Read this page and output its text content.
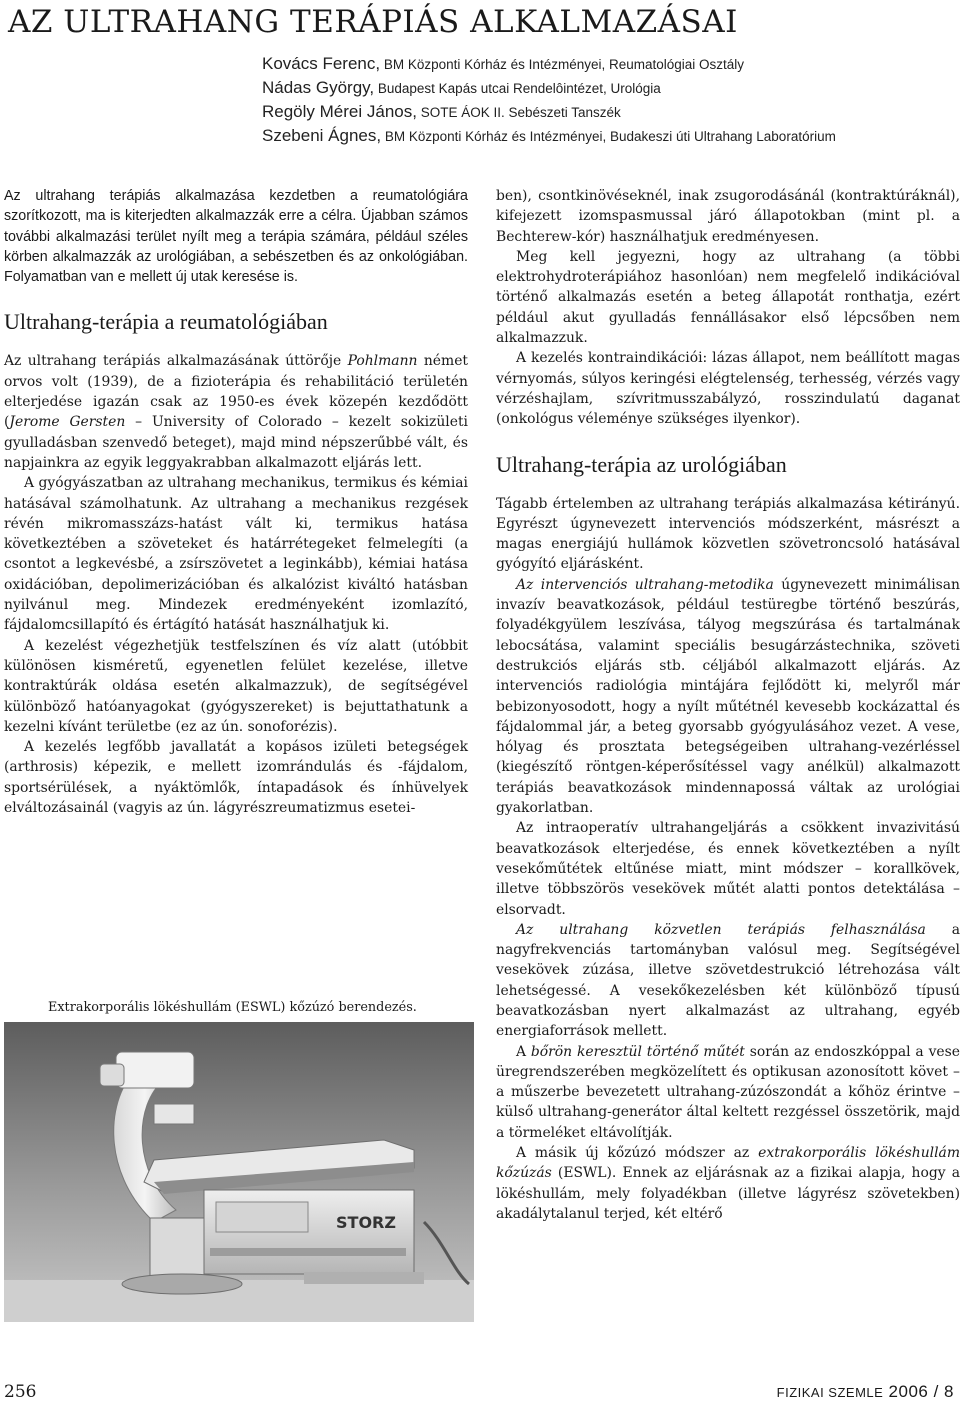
AZ ULTRAHANG TERÁPIÁS ALKALMAZÁSAI
Kovács Ferenc, BM Központi Kórház és Intézményei, Reumatológiai Osztály
Nádas György, Budapest Kapás utcai Rendelôintézet, Urológia
Regöly Mérei János, SOTE ÁOK II. Sebészeti Tanszék
Szebeni Ágnes, BM Központi Kórház és Intézményei, Budakeszi úti Ultrahang Laboratórium

Az ultrahang terápiás alkalmazása kezdetben a reumatológiára szorítkozott, ma is kiterjedten alkalmazzák erre a célra. Újabban számos további alkalmazási terület nyílt meg a terápia számára, például széles körben alkalmazzák az urológiában, a sebészetben és az onkológiában. Folyamatban van e mellett új utak keresése is.

Ultrahang-terápia a reumatológiában

Az ultrahang terápiás alkalmazásának úttörője Pohlmann német orvos volt (1939), de a fizioterápia és rehabilitáció területén elterjedése igazán csak az 1950-es évek közepén kezdődött (Jerome Gersten – University of Colorado – kezelt sokizületi gyulladásban szenvedő beteget), majd mind népszerűbbé vált, és napjainkra az egyik leggyakrabban alkalmazott eljárás lett.

A gyógyászatban az ultrahang mechanikus, termikus és kémiai hatásával számolhatunk. Az ultrahang a mechanikus rezgések révén mikromasszázs-hatást vált ki, termikus hatása következtében a szöveteket és határrétegeket felmelegíti (a csontot a legkevésbé, a zsírszövetet a leginkább), kémiai hatása oxidációban, depolimerizációban és alkalózist kiváltó hatásban nyilvánul meg. Mindezek eredményeként izomlazító, fájdalomcsillapító és értágító hatását használhatjuk ki.

A kezelést végezhetjük testfelszínen és víz alatt (utóbbit különösen kisméretű, egyenetlen felület kezelése, illetve kontraktúrák oldása esetén alkalmazzuk), de segítségével különböző hatóanyagokat (gyógyszereket) is bejuttathatunk a kezelni kívánt területbe (ez az ún. sonoforézis).

A kezelés legfőbb javallatát a kopásos izületi betegségek (arthrosis) képezik, e mellett izomrándulás és -fájdalom, sportsérülések, a nyáktömlők, íntapadások és ínhüvelyek elváltozásainál (vagyis az ún. lágyrészreumatizmus esetei-

Extrakorporális lökéshullám (ESWL) kőzúzó berendezés.
STORZ

ben), csontkinövéseknél, inak zsugorodásánál (kontraktúráknál), kifejezett izomspasmussal járó állapotokban (mint pl. a Bechterew-kór) használhatjuk eredményesen.

Meg kell jegyezni, hogy az ultrahang (a többi elektrohydroterápiához hasonlóan) nem megfelelő indikációval történő alkalmazás esetén a beteg állapotát ronthatja, ezért például akut gyulladás fennállásakor első lépcsőben nem alkalmazzuk.

A kezelés kontraindikációi: lázas állapot, nem beállított magas vérnyomás, súlyos keringési elégtelenség, terhesség, vérzés vagy vérzéshajlam, szívritmusszabályzó, rosszindulatú daganat (onkológus véleménye szükséges ilyenkor).

Ultrahang-terápia az urológiában

Tágabb értelemben az ultrahang terápiás alkalmazása kétirányú. Egyrészt úgynevezett intervenciós módszerként, másrészt a magas energiájú hullámok közvetlen szövetroncsoló hatásával gyógyító eljárásként.

Az intervenciós ultrahang-metodika úgynevezett minimálisan invazív beavatkozások, például testüregbe történő beszúrás, folyadékgyülem leszívása, tályog megszúrása és tartalmának lebocsátása, valamint speciális besugárzástechnika, szöveti destrukciós eljárás stb. céljából alkalmazott eljárás. Az intervenciós radiológia mintájára fejlődött ki, melyről már bebizonyosodott, hogy a nyílt műtétnél kevesebb kockázattal és fájdalommal jár, a beteg gyorsabb gyógyulásához vezet. A vese, hólyag és prosztata betegségeiben ultrahang-vezérléssel (kiegészítő röntgen-képerősítéssel vagy anélkül) alkalmazott terápiás beavatkozások mindennapossá váltak az urológiai gyakorlatban.

Az intraoperatív ultrahangeljárás a csökkent invazivitású beavatkozások elterjedése, és ennek következtében a nyílt vesekőműtétek eltűnése miatt, mint módszer – korallkövek, illetve többszörös vesekövek műtét alatti pontos detektálása – elsorvadt.

Az ultrahang közvetlen terápiás felhasználása a nagyfrekvenciás tartományban valósul meg. Segítségével vesekövek zúzása, illetve szövetdestrukció létrehozása vált lehetségessé. A vesekőkezelésben két különböző típusú beavatkozásban nyert alkalmazást az ultrahang, egyéb energiaforrások mellett.

A bőrön keresztül történő műtét során az endoszkóppal a vese üregrendszerében megközelített és optikusan azonosított követ – a műszerbe bevezetett ultrahang-zúzószondát a kőhöz érintve – külső ultrahang-generátor által keltett rezgéssel összetörik, majd a törmeléket eltávolítják.

A másik új kőzúzó módszer az extrakorporális lökéshullám kőzúzás (ESWL). Ennek az eljárásnak az a fizikai alapja, hogy a lökéshullám, mely folyadékban (illetve lágyrész szövetekben) akadálytalanul terjed, két eltérő

256	FIZIKAI SZEMLE 2006 / 8
